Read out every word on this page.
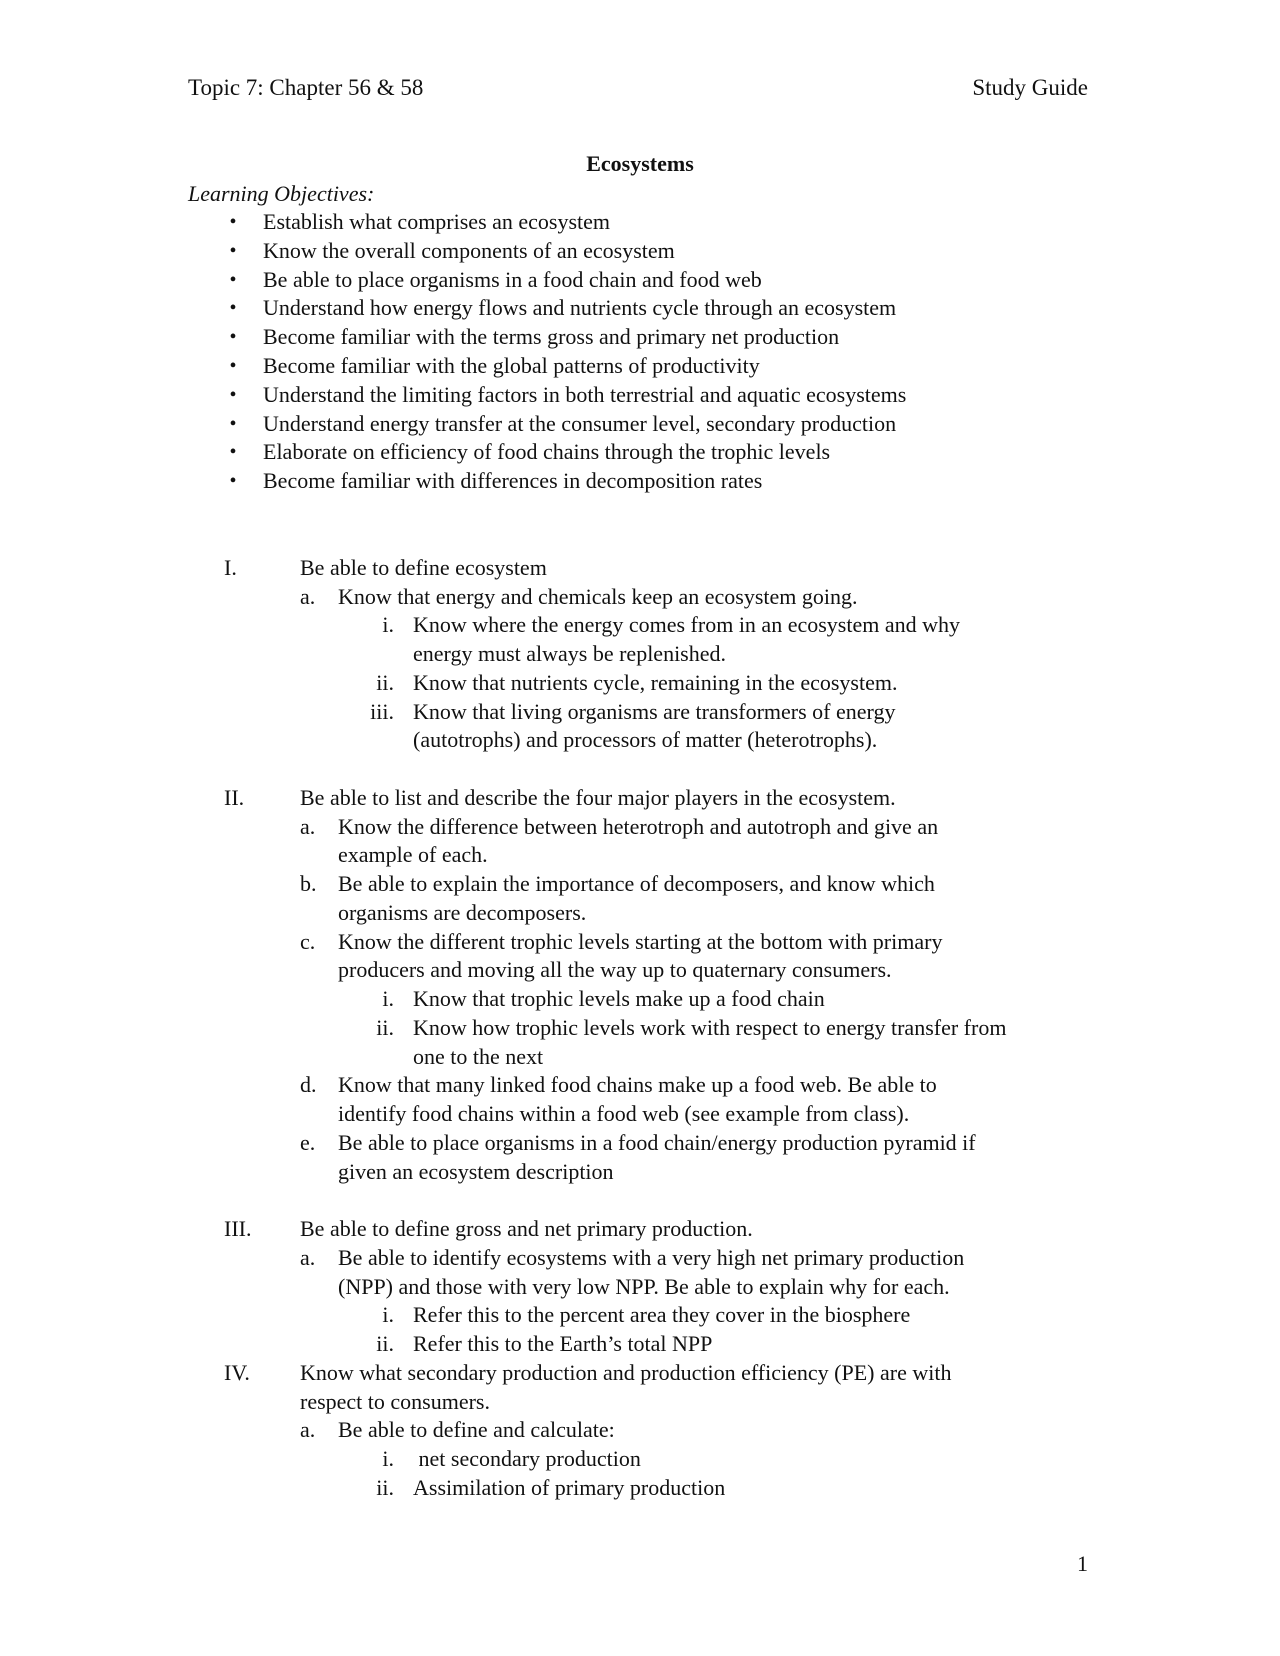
Topic 7: Chapter 56 & 58	Study Guide
Ecosystems
Learning Objectives:
• Establish what comprises an ecosystem
• Know the overall components of an ecosystem
• Be able to place organisms in a food chain and food web
• Understand how energy flows and nutrients cycle through an ecosystem
• Become familiar with the terms gross and primary net production
• Become familiar with the global patterns of productivity
• Understand the limiting factors in both terrestrial and aquatic ecosystems
• Understand energy transfer at the consumer level, secondary production
• Elaborate on efficiency of food chains through the trophic levels
• Become familiar with differences in decomposition rates
I.	Be able to define ecosystem
a. Know that energy and chemicals keep an ecosystem going.
i. Know where the energy comes from in an ecosystem and why
energy must always be replenished.
ii. Know that nutrients cycle, remaining in the ecosystem.
iii. Know that living organisms are transformers of energy
(autotrophs) and processors of matter (heterotrophs).
II.	Be able to list and describe the four major players in the ecosystem.
a. Know the difference between heterotroph and autotroph and give an
example of each.
b. Be able to explain the importance of decomposers, and know which
organisms are decomposers.
c. Know the different trophic levels starting at the bottom with primary
producers and moving all the way up to quaternary consumers.
i. Know that trophic levels make up a food chain
ii. Know how trophic levels work with respect to energy transfer from
one to the next
d. Know that many linked food chains make up a food web. Be able to
identify food chains within a food web (see example from class).
e. Be able to place organisms in a food chain/energy production pyramid if
given an ecosystem description
III. Be able to define gross and net primary production.
a. Be able to identify ecosystems with a very high net primary production
(NPP) and those with very low NPP. Be able to explain why for each.
i. Refer this to the percent area they cover in the biosphere
ii. Refer this to the Earth’s total NPP
IV. Know what secondary production and production efficiency (PE) are with
respect to consumers.
a. Be able to define and calculate:
i. net secondary production
ii. Assimilation of primary production
1
